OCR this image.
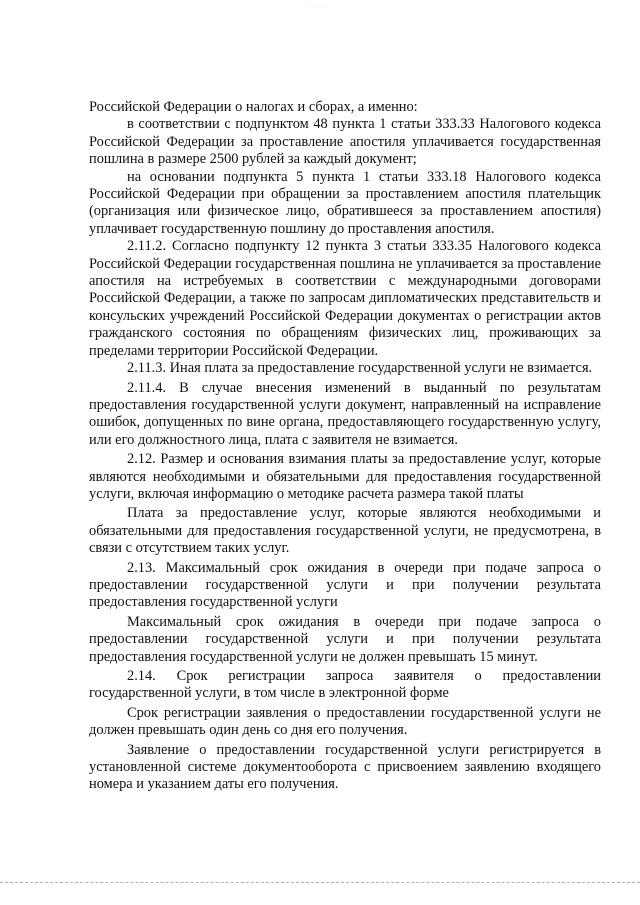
· · ·· · · · ·

Российской Федерации о налогах и сборах, а именно:

в соответствии с подпунктом 48 пункта 1 статьи 333.33 Налогового кодекса Российской Федерации за проставление апостиля уплачивается государственная пошлина в размере 2500 рублей за каждый документ;

на основании подпункта 5 пункта 1 статьи 333.18 Налогового кодекса Российской Федерации при обращении за проставлением апостиля плательщик (организация или физическое лицо, обратившееся за проставлением апостиля) уплачивает государственную пошлину до проставления апостиля.

2.11.2. Согласно подпункту 12 пункта 3 статьи 333.35 Налогового кодекса Российской Федерации государственная пошлина не уплачивается за проставление апостиля на истребуемых в соответствии с международными договорами Российской Федерации, а также по запросам дипломатических представительств и консульских учреждений Российской Федерации документах о регистрации актов гражданского состояния по обращениям физических лиц, проживающих за пределами территории Российской Федерации.

2.11.3. Иная плата за предоставление государственной услуги не взимается.

2.11.4. В случае внесения изменений в выданный по результатам предоставления государственной услуги документ, направленный на исправление ошибок, допущенных по вине органа, предоставляющего государственную услугу, или его должностного лица, плата с заявителя не взимается.

2.12. Размер и основания взимания платы за предоставление услуг, которые являются необходимыми и обязательными для предоставления государственной услуги, включая информацию о методике расчета размера такой платы

Плата за предоставление услуг, которые являются необходимыми и обязательными для предоставления государственной услуги, не предусмотрена, в связи с отсутствием таких услуг.

2.13. Максимальный срок ожидания в очереди при подаче запроса о предоставлении государственной услуги и при получении результата предоставления государственной услуги

Максимальный срок ожидания в очереди при подаче запроса о предоставлении государственной услуги и при получении результата предоставления государственной услуги не должен превышать 15 минут.

2.14. Срок регистрации запроса заявителя о предоставлении государственной услуги, в том числе в электронной форме

Срок регистрации заявления о предоставлении государственной услуги не должен превышать один день со дня его получения.

Заявление о предоставлении государственной услуги регистрируется в установленной системе документооборота с присвоением заявлению входящего номера и указанием даты его получения.
